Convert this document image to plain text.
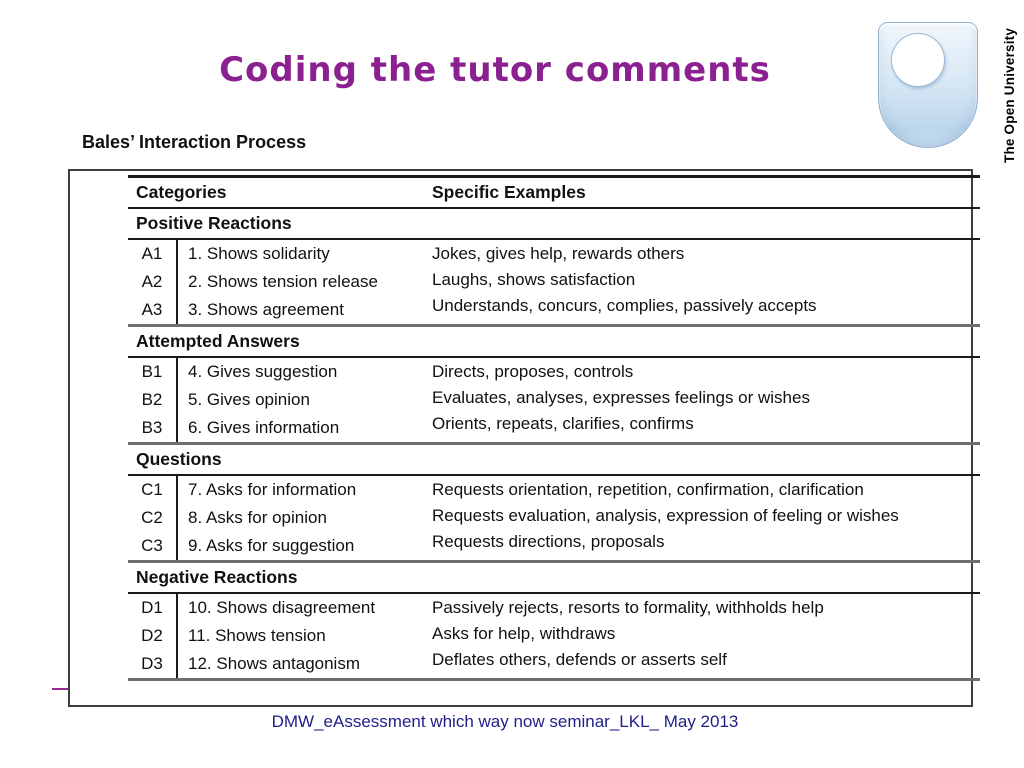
Coding the tutor comments	The Open University
Bales’ Interaction Process
Categories	Specific Examples
Positive Reactions
A1
A2
A3
1. Shows solidarity
2. Shows tension release
3. Shows agreement
Jokes, gives help, rewards others
Laughs, shows satisfaction
Understands, concurs, complies, passively accepts
Attempted Answers
B1
B2
B3
4. Gives suggestion
5. Gives opinion
6. Gives information
Directs, proposes, controls
Evaluates, analyses, expresses feelings or wishes
Orients, repeats, clarifies, confirms
Questions
C1
C2
C3
7. Asks for information
8. Asks for opinion
9. Asks for suggestion
Requests orientation, repetition, confirmation, clarification
Requests evaluation, analysis, expression of feeling or wishes
Requests directions, proposals
Negative Reactions
D1
D2
D3
10. Shows disagreement
11. Shows tension
12. Shows antagonism
Passively rejects, resorts to formality, withholds help
Asks for help, withdraws
Deflates others, defends or asserts self
DMW_eAssessment which way now seminar_LKL_ May 2013
